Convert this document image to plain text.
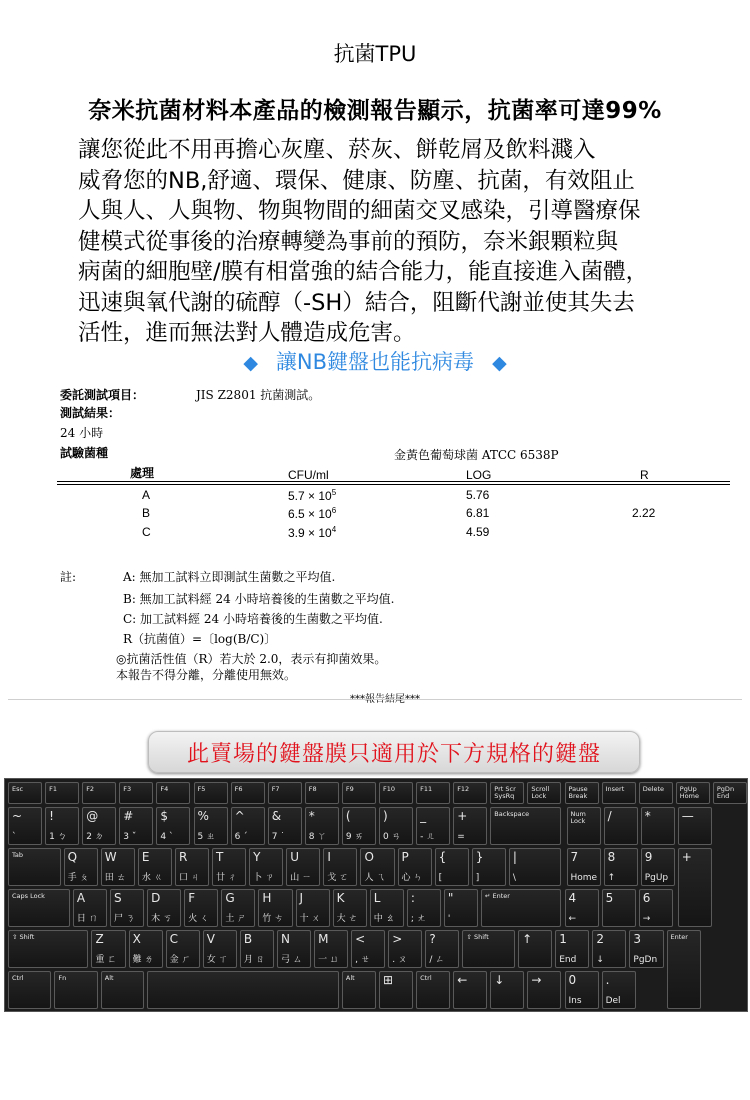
抗菌TPU
奈米抗菌材料本產品的檢測報告顯示，抗菌率可達99%
讓您從此不用再擔心灰塵、菸灰、餅乾屑及飲料濺入
威脅您的NB,舒適、環保、健康、防塵、抗菌，有效阻止
人與人、人與物、物與物間的細菌交叉感染，引導醫療保
健模式從事後的治療轉變為事前的預防，奈米銀顆粒與
病菌的細胞壁/膜有相當強的結合能力，能直接進入菌體，
迅速與氧代謝的硫醇（-SH）結合，阻斷代謝並使其失去
活性，進而無法對人體造成危害。
◆ 讓NB鍵盤也能抗病毒 ◆
委託測試項目：	JIS Z2801 抗菌測試。
測試結果：
24 小時
試驗菌種	金黃色葡萄球菌 ATCC 6538P
處理	CFU/ml	LOG	R
A	$5.7 \times 10^5$	5.76
B	$6.5 \times 10^6$	6.81	2.22
C	$3.9 \times 10^4$	4.59
註:	A: 無加工試料立即測試生菌數之平均值.
B: 無加工試料經 24 小時培養後的生菌數之平均值.
C: 加工試料經 24 小時培養後的生菌數之平均值.
R（抗菌值）=〔log(B/C)〕
◎抗菌活性值（R）若大於 2.0，表示有抑菌效果。
本報告不得分離，分離使用無效。
***報告結尾***
此賣場的鍵盤膜只適用於下方規格的鍵盤
Esc	F1	F2	F3	F4	F5	F6	F7	F8	F9	F10	F11	F12	Prt Scr
SysRq
Scroll
Lock
Pause
Break
Insert	Delete PgUp
Home
PgDn
End
~
`
!
1 ㄅ
@
2 ㄉ
#
3 ˇ
$
4 ˋ
%
5 ㄓ
^
6 ˊ
&
7 ˙
*
8 ㄚ
(
9 ㄞ
)
0 ㄢ
_
- ㄦ
+
=
Backspace	Num
Lock /	*	—
Tab	Q
手 ㄆ
W
田 ㄊ
E
水 ㄍ
R
口 ㄐ
T
廿 ㄔ
Y
卜 ㄗ
U
山 ㄧ
I
戈 ㄛ
O
人 ㄟ
P
心 ㄣ
{
[
}
]
|
\
7
Home
8
↑
9
PgUp
+
Caps Lock	A
日 ㄇ
S
尸 ㄋ
D
木 ㄎ
F
火 ㄑ
G
土 ㄕ
H
竹 ㄘ
J
十 ㄨ
K
大 ㄜ
L
中 ㄠ
:
; ㄤ
"
'
↵ Enter	4
←
5 6
→
⇧ Shift	Z
重 ㄈ
X
難 ㄌ
C
金 ㄏ
V
女 ㄒ
B
月 ㄖ
N
弓 ㄙ
M
一 ㄩ
<
, ㄝ
>
. ㄡ
?
/ ㄥ
⇧ Shift	↑ 1
End
2
↓
3
PgDn
Enter
Ctrl	Fn	Alt	Alt ⊞	Ctrl ← ↓ → 0
Ins
.
Del
